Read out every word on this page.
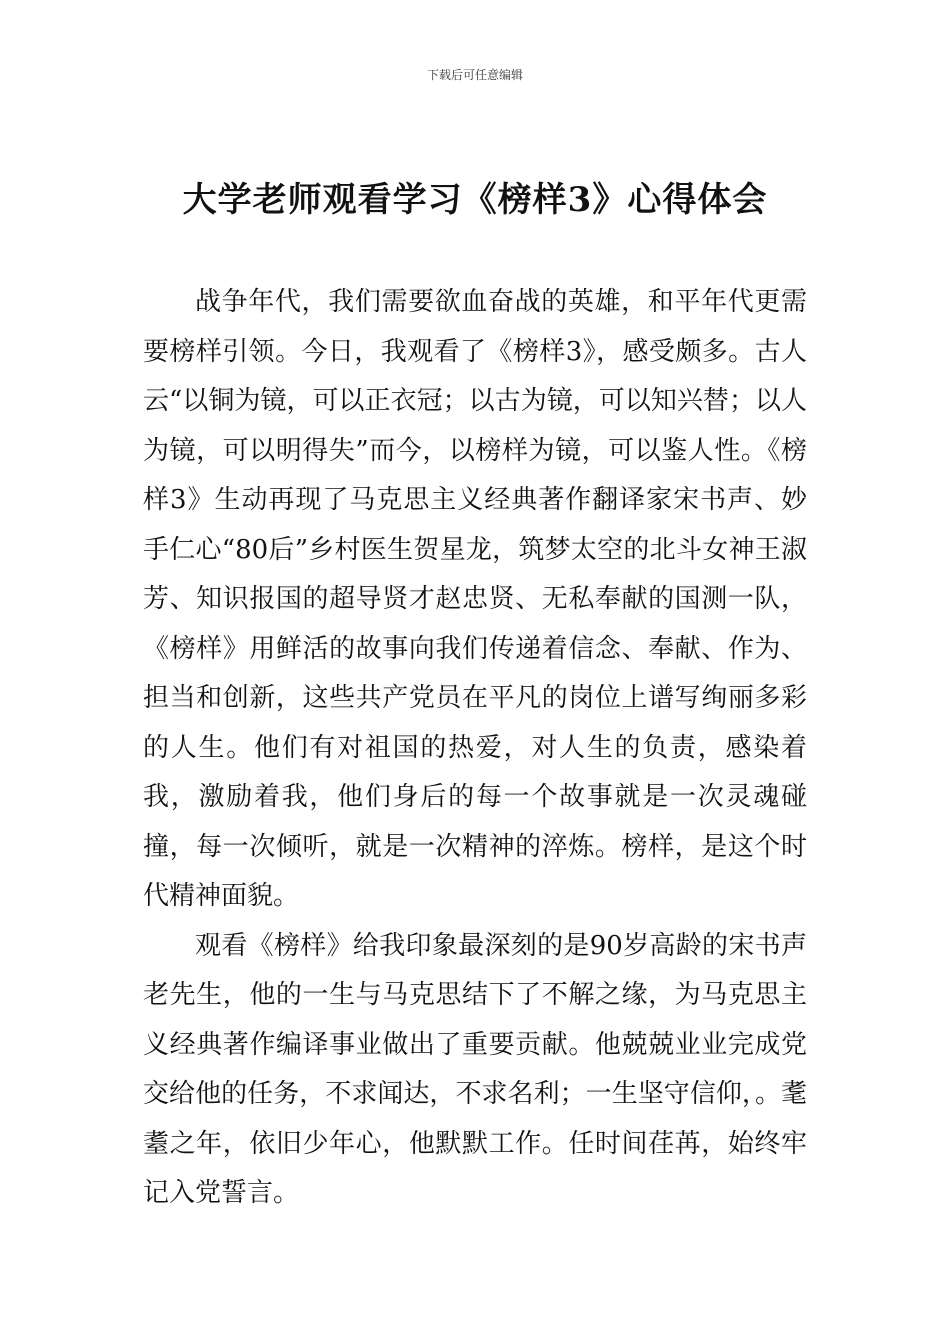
下载后可任意编辑
大学老师观看学习《榜样3》心得体会

战争年代，我们需要欲血奋战的英雄，和平年代更需要榜样引领。今日，我观看了《榜样3》，感受颇多。古人云“以铜为镜，可以正衣冠；以古为镜，可以知兴替；以人为镜，可以明得失”而今，以榜样为镜，可以鉴人性。《榜样3》生动再现了马克思主义经典著作翻译家宋书声、妙手仁心“80后”乡村医生贺星龙，筑梦太空的北斗女神王淑芳、知识报国的超导贤才赵忠贤、无私奉献的国测一队，《榜样》用鲜活的故事向我们传递着信念、奉献、作为、担当和创新，这些共产党员在平凡的岗位上谱写绚丽多彩的人生。他们有对祖国的热爱，对人生的负责，感染着我，激励着我，他们身后的每一个故事就是一次灵魂碰撞，每一次倾听，就是一次精神的淬炼。榜样，是这个时代精神面貌。

观看《榜样》给我印象最深刻的是90岁高龄的宋书声老先生，他的一生与马克思结下了不解之缘，为马克思主义经典著作编译事业做出了重要贡献。他兢兢业业完成党交给他的任务，不求闻达，不求名利；一生坚守信仰，。耄耋之年，依旧少年心，他默默工作。任时间荏苒，始终牢记入党誓言。
